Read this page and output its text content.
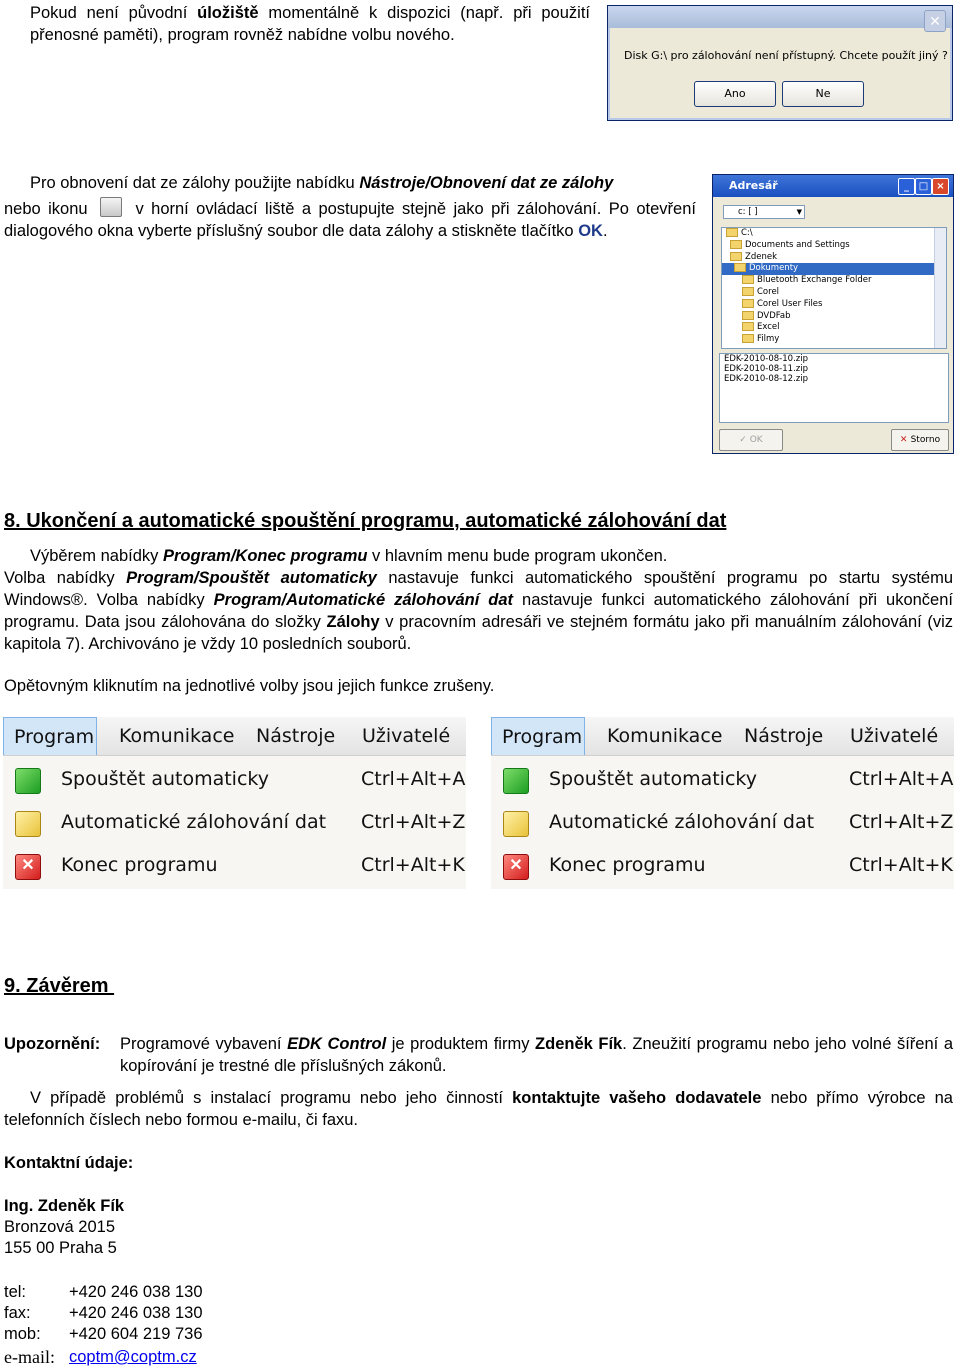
Pokud není původní úložiště momentálně k dispozici (např. při použití přenosné paměti), program rovněž nabídne volbu nového.
✕
Disk G:\ pro zálohování není přístupný. Chcete použít jiný ?
Ano	Ne
Pro obnovení dat ze zálohy použijte nabídku Nástroje/Obnovení dat ze zálohy
nebo ikonu  v horní ovládací liště a postupujte stejně jako při zálohování. Po otevření dialogového okna vyberte příslušný soubor dle data zálohy a stiskněte tlačítko OK.
Adresář	_ □ ×
c: [ ]	▼
C:\
Documents and Settings
Zdenek
Dokumenty
Bluetooth Exchange Folder
Corel
Corel User Files
DVDFab
Excel
Filmy
EDK-2010-08-10.zip
EDK-2010-08-11.zip
EDK-2010-08-12.zip
✓ OK	✕ Storno
8. Ukončení a automatické spouštění programu, automatické zálohování dat
Výběrem nabídky Program/Konec programu v hlavním menu bude program ukončen.
Volba nabídky Program/Spouštět automaticky nastavuje funkci automatického spouštění programu po startu systému Windows®. Volba nabídky Program/Automatické zálohování dat nastavuje funkci automatického zálohování při ukončení programu. Data jsou zálohována do složky Zálohy v pracovním adresáři ve stejném formátu jako při manuálním zálohování (viz kapitola 7). Archivováno je vždy 10 posledních souborů.
Opětovným kliknutím na jednotlivé volby jsou jejich funkce zrušeny.
Program Komunikace Nástroje Uživatelé
Spouštět automaticky	Ctrl+Alt+A
Automatické zálohování dat Ctrl+Alt+Z
✕	Konec programu	Ctrl+Alt+K
Program Komunikace Nástroje Uživatelé
Spouštět automaticky	Ctrl+Alt+A
Automatické zálohování dat Ctrl+Alt+Z
✕	Konec programu	Ctrl+Alt+K
9. Závěrem
Upozornění: Programové vybavení EDK Control je produktem firmy Zdeněk Fík. Zneužití programu nebo jeho volné šíření a kopírování je trestné dle příslušných zákonů.
V případě problémů s instalací programu nebo jeho činností kontaktujte vašeho dodavatele nebo přímo výrobce na telefonních číslech nebo formou e-mailu, či faxu.
Kontaktní údaje:
Ing. Zdeněk Fík
Bronzová 2015
155 00 Praha 5
tel:	+420 246 038 130
fax: +420 246 038 130
mob: +420 604 219 736
e-mail: coptm@coptm.cz
